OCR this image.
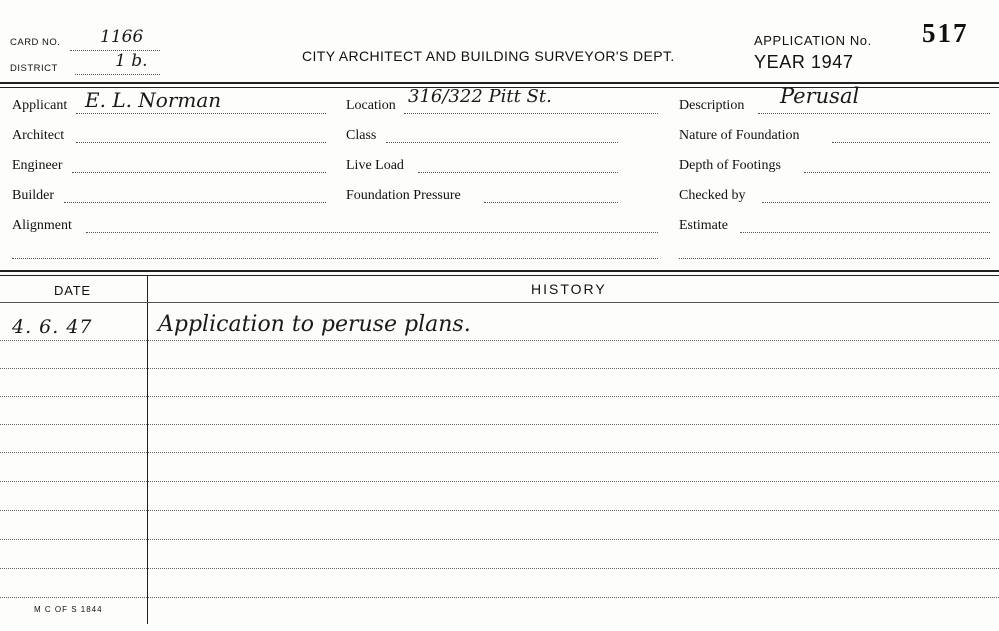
CARD NO. 1166
DISTRICT	1 b.	CITY ARCHITECT AND BUILDING SURVEYOR'S DEPT.
APPLICATION No. 517
YEAR 1947
Applicant E. L. Norman
Architect
Engineer
Builder
Alignment
Location 316/322 Pitt St.
Class
Live Load
Foundation Pressure
Description Perusal
Nature of Foundation
Depth of Footings
Checked by
Estimate
DATE	HISTORY
4. 6. 47	Application to peruse plans.
M C OF S 1844
